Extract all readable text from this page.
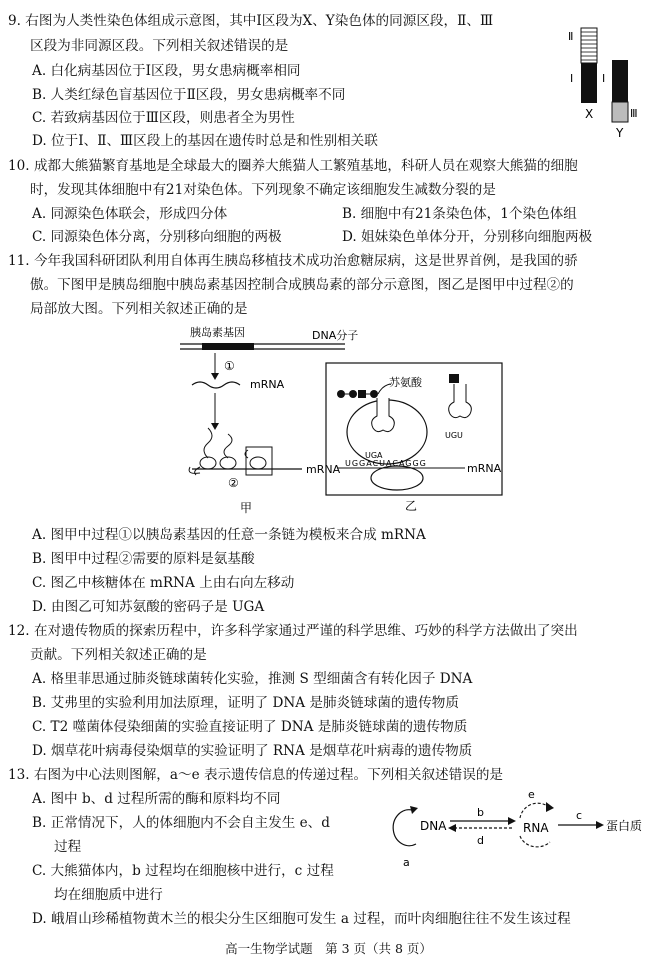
9. 右图为人类性染色体组成示意图，其中Ⅰ区段为X、Y染色体的同源区段，Ⅱ、Ⅲ
区段为非同源区段。下列相关叙述错误的是
A. 白化病基因位于Ⅰ区段，男女患病概率相同
B. 人类红绿色盲基因位于Ⅱ区段，男女患病概率不同
C. 若致病基因位于Ⅲ区段，则患者全为男性
D. 位于Ⅰ、Ⅱ、Ⅲ区段上的基因在遗传时总是和性别相关联
Ⅱ
Ⅰ	Ⅰ
Ⅲ
X
Y
10. 成都大熊猫繁育基地是全球最大的圈养大熊猫人工繁殖基地，科研人员在观察大熊猫的细胞
时，发现其体细胞中有21对染色体。下列现象不确定该细胞发生减数分裂的是
A. 同源染色体联会，形成四分体	B. 细胞中有21条染色体，1个染色体组
C. 同源染色体分离，分别移向细胞的两极	D. 姐妹染色单体分开，分别移向细胞两极
11. 今年我国科研团队利用自体再生胰岛移植技术成功治愈糖尿病，这是世界首例，是我国的骄
傲。下图甲是胰岛细胞中胰岛素基因控制合成胰岛素的部分示意图，图乙是图甲中过程②的
局部放大图。下列相关叙述正确的是
胰岛素基因	DNA分子
①
mRNA
mRNA
②
甲
苏氨酸
UGA
UGU
UGGACUACAGGG	mRNA
乙
A. 图甲中过程①以胰岛素基因的任意一条链为模板来合成 mRNA
B. 图甲中过程②需要的原料是氨基酸
C. 图乙中核糖体在 mRNA 上由右向左移动
D. 由图乙可知苏氨酸的密码子是 UGA
12. 在对遗传物质的探索历程中，许多科学家通过严谨的科学思维、巧妙的科学方法做出了突出
贡献。下列相关叙述正确的是
A. 格里菲思通过肺炎链球菌转化实验，推测 S 型细菌含有转化因子 DNA
B. 艾弗里的实验利用加法原理，证明了 DNA 是肺炎链球菌的遗传物质
C. T2 噬菌体侵染细菌的实验直接证明了 DNA 是肺炎链球菌的遗传物质
D. 烟草花叶病毒侵染烟草的实验证明了 RNA 是烟草花叶病毒的遗传物质
13. 右图为中心法则图解，a～e 表示遗传信息的传递过程。下列相关叙述错误的是
A. 图中 b、d 过程所需的酶和原料均不同
B. 正常情况下，人的体细胞内不会自主发生 e、d
过程
C. 大熊猫体内，b 过程均在细胞核中进行，c 过程
均在细胞质中进行
D. 峨眉山珍稀植物黄木兰的根尖分生区细胞可发生 a 过程，而叶肉细胞往往不发生该过程
a
DNA
b
d
e
RNA
c
蛋白质
高一生物学试题　第 3 页（共 8 页）
